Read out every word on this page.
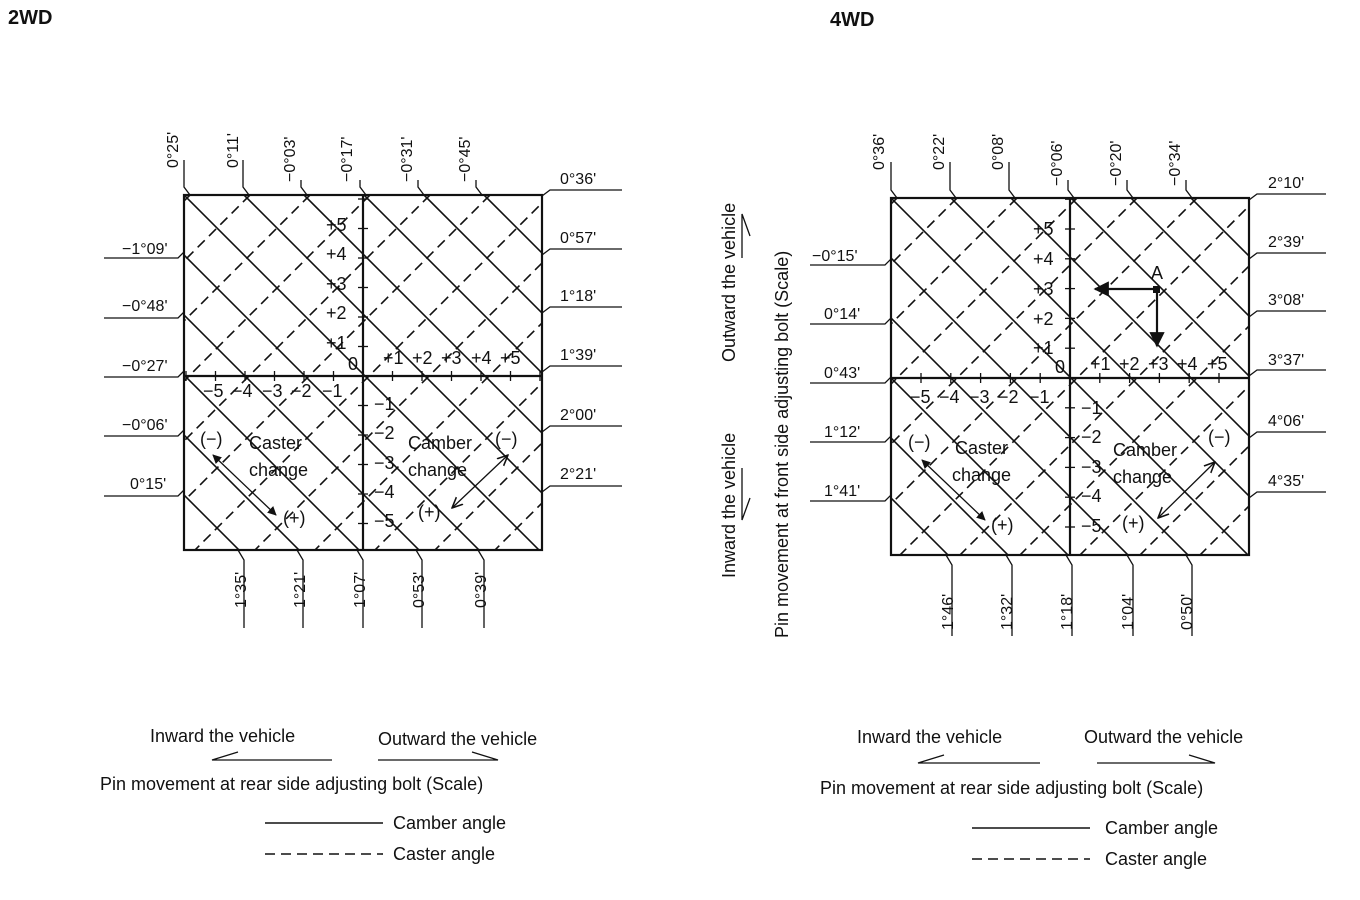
2WD
0°25'	0°11'	−0°03'	−0°17'	−0°31'	−0°45'
1°35'	1°21'	1°07'	0°53'	0°39'
−1°09'
−0°48'
−0°27'
−0°06'
0°15'
0°36'
0°57'
1°18'
1°39'
2°00'
2°21'
+5
+4
+3
+2
+1
0 +1 +2 +3 +4 +5
−5 −4 −3 −2 −1
−1
−2
−3
−4
−5
(−) Caster
change
(+)
Camber
change
(−)
(+)
4WD
0°36'	0°22'	0°08'	−0°06'	−0°20'	−0°34'
1°46'	1°32'	1°18'	1°04'	0°50'
−0°15'
0°14'
0°43'
1°12'
1°41'
2°10'
2°39'
3°08'
3°37'
4°06'
4°35'
+5
+4
+3
+2
+1
0 +1 +2 +3 +4 +5
−5 −4 −3 −2 −1
−1
−2
−3
−4
−5
A
(−) Caster
change
(+)
Camber
change
(−)
(+)
Outward the vehicle
Inward the vehicle Pin movement at front side adjusting bolt (Scale)
Inward the vehicle	Outward the vehicle
Pin movement at rear side adjusting bolt (Scale)
Camber angle
Caster angle
Inward the vehicle	Outward the vehicle
Pin movement at rear side adjusting bolt (Scale)
Camber angle
Caster angle
